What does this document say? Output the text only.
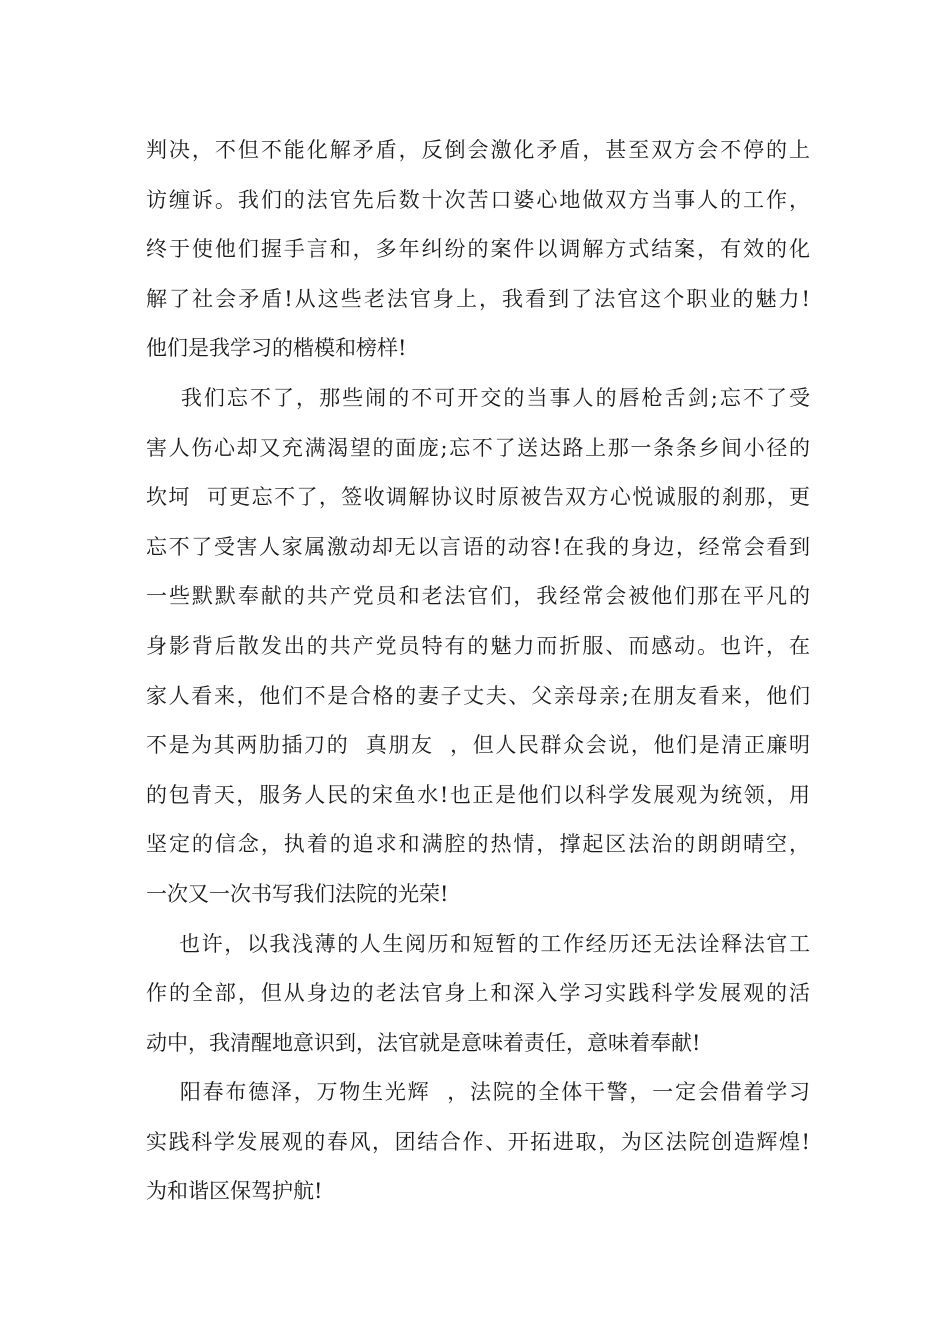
判决，不但不能化解矛盾，反倒会激化矛盾，甚至双方会不停的上
访缠诉。我们的法官先后数十次苦口婆心地做双方当事人的工作，
终于使他们握手言和，多年纠纷的案件以调解方式结案，有效的化
解了社会矛盾!从这些老法官身上，我看到了法官这个职业的魅力!
他们是我学习的楷模和榜样!
我们忘不了，那些闹的不可开交的当事人的唇枪舌剑;忘不了受
害人伤心却又充满渴望的面庞;忘不了送达路上那一条条乡间小径的
坎坷  可更忘不了，签收调解协议时原被告双方心悦诚服的刹那，更
忘不了受害人家属激动却无以言语的动容!在我的身边，经常会看到
一些默默奉献的共产党员和老法官们，我经常会被他们那在平凡的
身影背后散发出的共产党员特有的魅力而折服、而感动。也许，在
家人看来，他们不是合格的妻子丈夫、父亲母亲;在朋友看来，他们
不是为其两肋插刀的  真朋友  ，但人民群众会说，他们是清正廉明
的包青天，服务人民的宋鱼水!也正是他们以科学发展观为统领，用
坚定的信念，执着的追求和满腔的热情，撑起区法治的朗朗晴空，
一次又一次书写我们法院的光荣!
也许，以我浅薄的人生阅历和短暂的工作经历还无法诠释法官工
作的全部，但从身边的老法官身上和深入学习实践科学发展观的活
动中，我清醒地意识到，法官就是意味着责任，意味着奉献!
阳春布德泽，万物生光辉  ，法院的全体干警，一定会借着学习
实践科学发展观的春风，团结合作、开拓进取，为区法院创造辉煌!
为和谐区保驾护航!
